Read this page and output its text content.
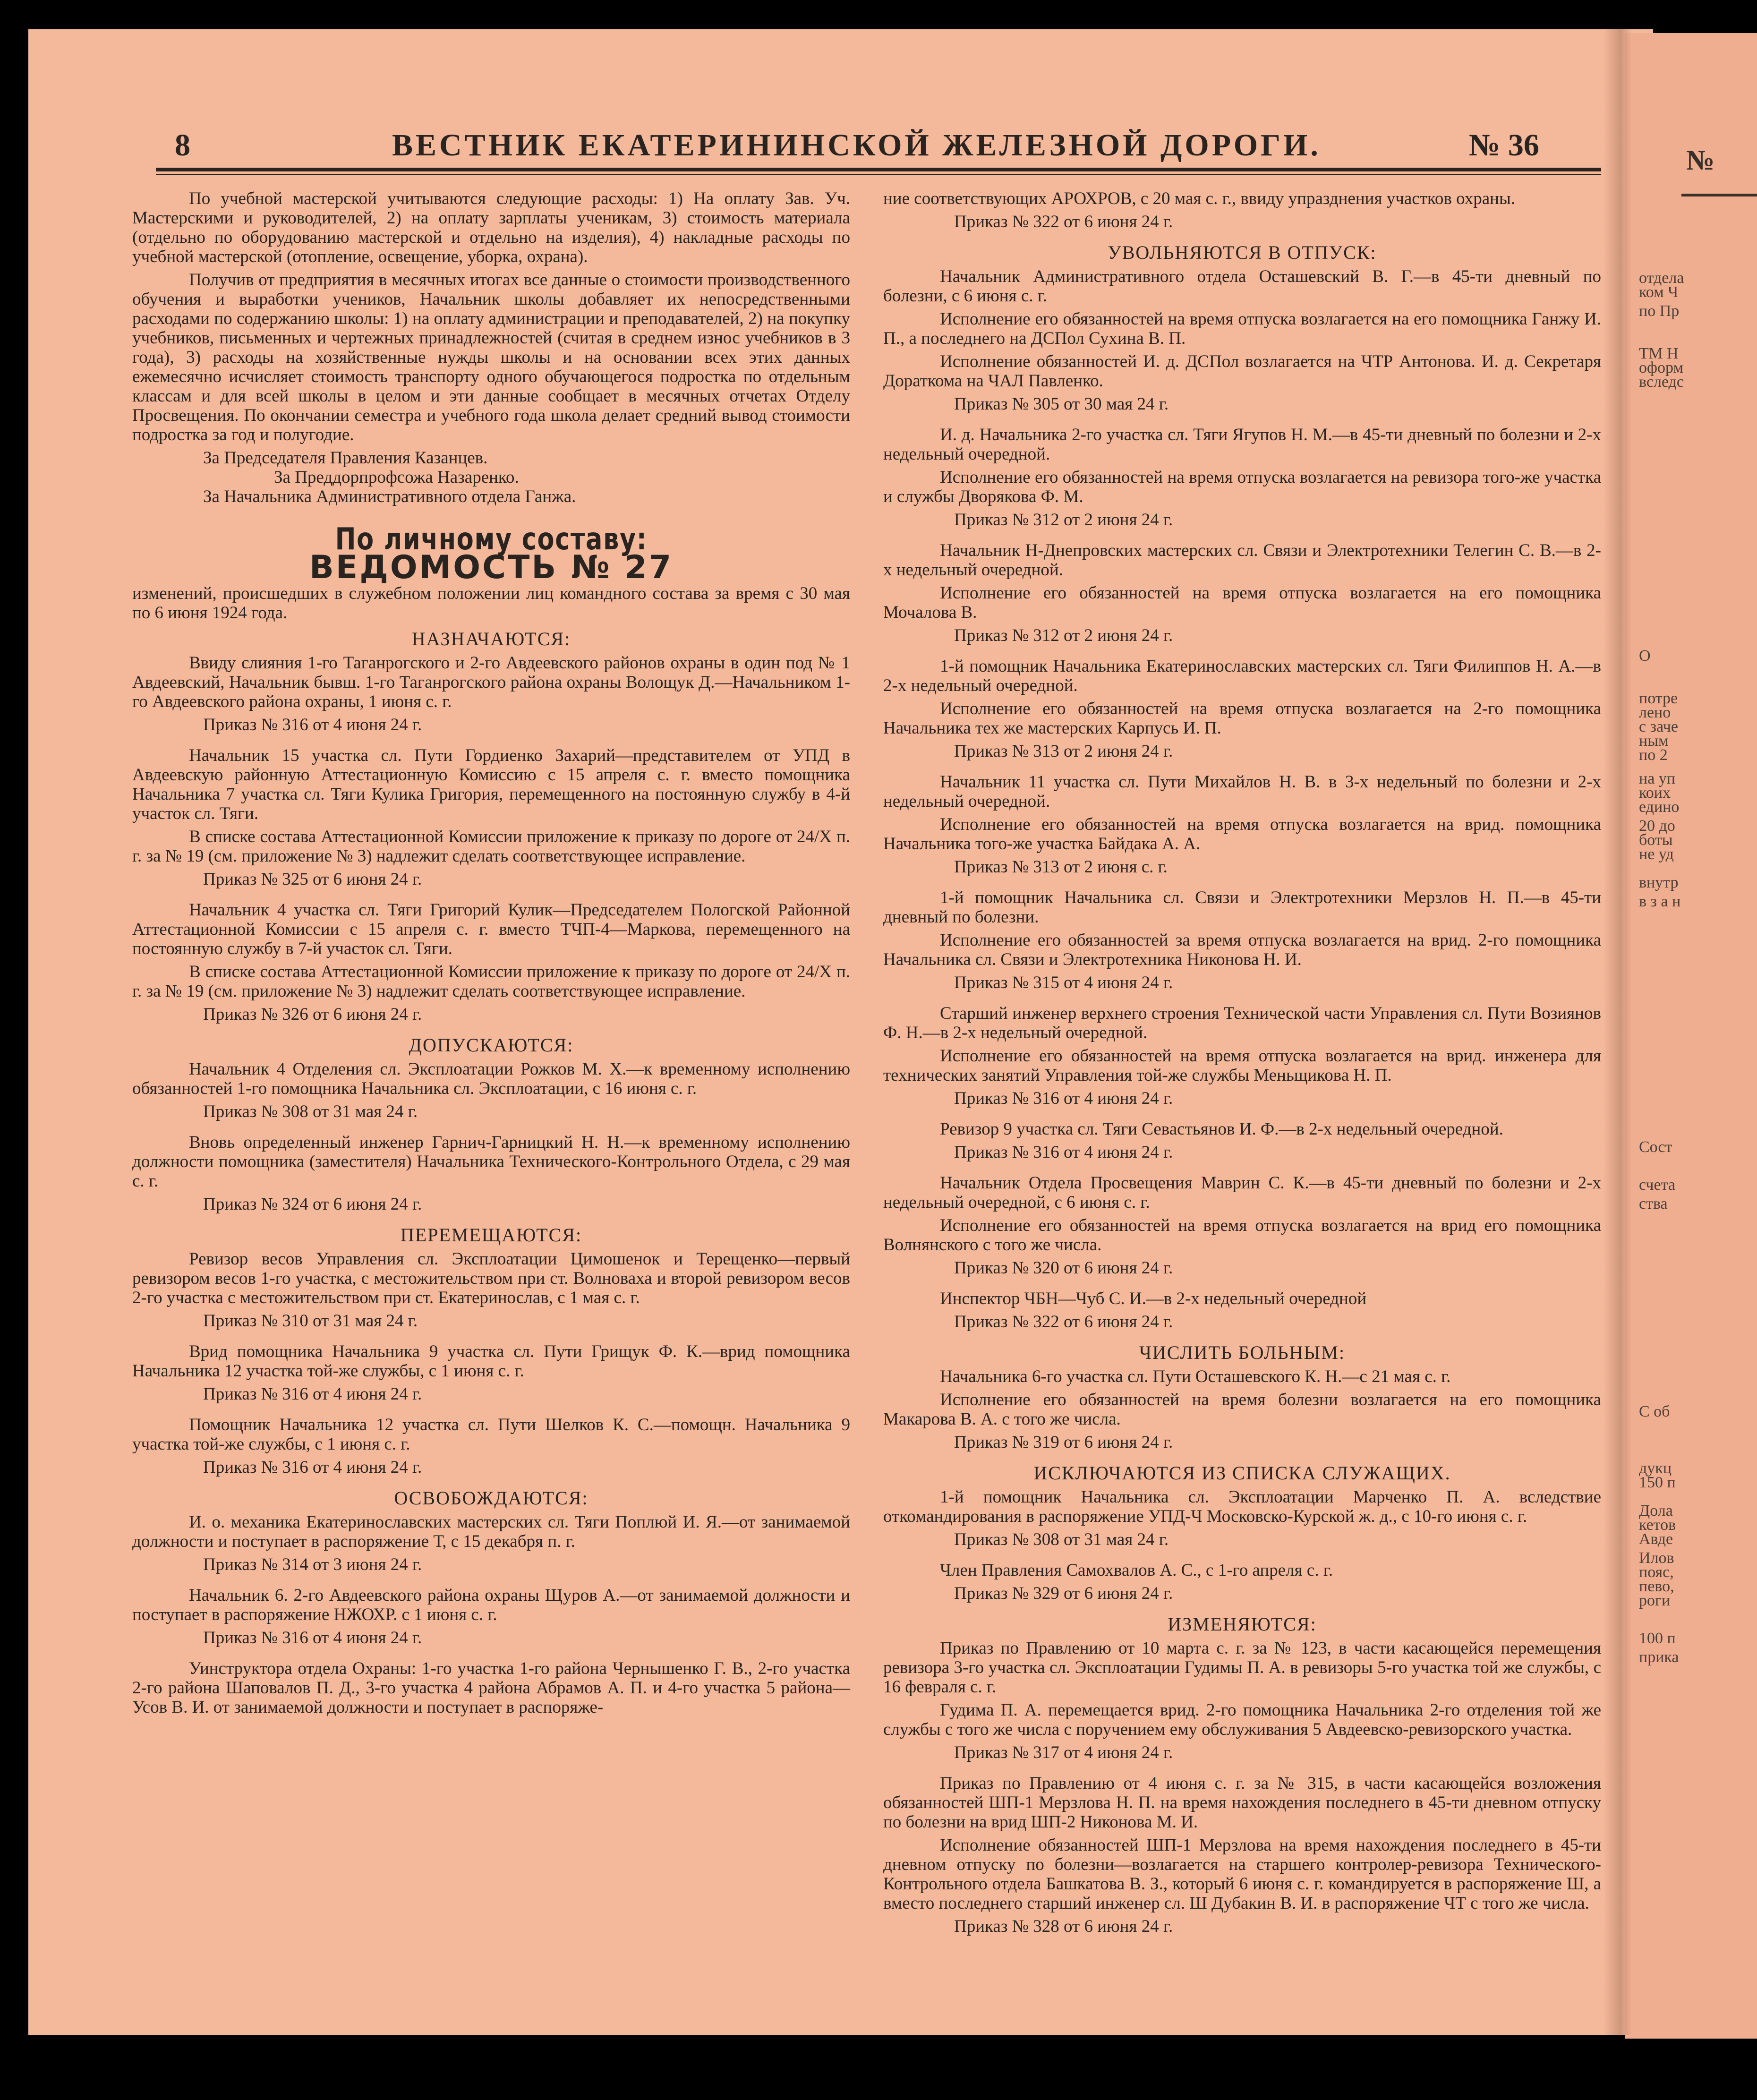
№
отдела
ком Ч
по Пр
ТМ Н
оформ
вследс
О
потре
лено
с заче
ным
по 2
на уп
коих
едино
20 до
боты
не уд
внутр
в з а н
Сост
счета
ства
С об
дукц
150 п
Дола
кетов
Авде
Илов
пояс,
пево,
роги
100 п
прика
8	ВЕСТНИК ЕКАТЕРИНИНСКОЙ ЖЕЛЕЗНОЙ ДОРОГИ.	№ 36

По учебной мастерской учитываются следующие расходы: 1) На оплату Зав. Уч. Мастерскими и руководителей, 2) на оплату зарплаты ученикам, 3) стоимость материала (отдельно по оборудованию мастерской и отдельно на изделия), 4) накладные расходы по учебной мастерской (отопление, освещение, уборка, охрана).

Получив от предприятия в месячных итогах все данные о стоимости производственного обучения и выработки учеников, Начальник школы добавляет их непосредственными расходами по содержанию школы: 1) на оплату администрации и преподавателей, 2) на покупку учебников, письменных и чертежных принадлежностей (считая в среднем износ учебников в 3 года), 3) расходы на хозяйственные нужды школы и на основании всех этих данных ежемесячно исчисляет стоимость транспорту одного обучающегося подростка по отдельным классам и для всей школы в целом и эти данные сообщает в месячных отчетах Отделу Просвещения. По окончании семестра и учебного года школа делает средний вывод стоимости подростка за год и полугодие.

За Председателя Правления Казанцев.

За Преддорпрофсожа Назаренко.

За Начальника Административного отдела Ганжа.

По личному составу:
ВЕДОМОСТЬ № 27

изменений, происшедших в служебном положении лиц командного состава за время с 30 мая по 6 июня 1924 года.

НАЗНАЧАЮТСЯ:

Ввиду слияния 1-го Таганрогского и 2-го Авдеевского районов охраны в один под № 1 Авдеевский, Начальник бывш. 1-го Таганрогского района охраны Волощук Д.—Начальником 1-го Авдеевского района охраны, 1 июня с. г.

Приказ № 316 от 4 июня 24 г.

Начальник 15 участка сл. Пути Гордиенко Захарий—представителем от УПД в Авдеевскую районную Аттестационную Комиссию с 15 апреля с. г. вместо помощника Начальника 7 участка сл. Тяги Кулика Григория, перемещенного на постоянную службу в 4-й участок сл. Тяги.

В списке состава Аттестационной Комиссии приложение к приказу по дороге от 24/X п. г. за № 19 (см. приложение № 3) надлежит сделать соответствующее исправление.

Приказ № 325 от 6 июня 24 г.

Начальник 4 участка сл. Тяги Григорий Кулик—Председателем Пологской Районной Аттестационной Комиссии с 15 апреля с. г. вместо ТЧП-4—Маркова, перемещенного на постоянную службу в 7-й участок сл. Тяги.

В списке состава Аттестационной Комиссии приложение к приказу по дороге от 24/X п. г. за № 19 (см. приложение № 3) надлежит сделать соответствующее исправление.

Приказ № 326 от 6 июня 24 г.

ДОПУСКАЮТСЯ:

Начальник 4 Отделения сл. Эксплоатации Рожков М. Х.—к временному исполнению обязанностей 1-го помощника Начальника сл. Эксплоатации, с 16 июня с. г.

Приказ № 308 от 31 мая 24 г.

Вновь определенный инженер Гарнич-Гарницкий Н. Н.—к временному исполнению должности помощника (заместителя) Начальника Технического-Контрольного Отдела, с 29 мая с. г.

Приказ № 324 от 6 июня 24 г.

ПЕРЕМЕЩАЮТСЯ:

Ревизор весов Управления сл. Эксплоатации Цимошенок и Терещенко—первый ревизором весов 1-го участка, с местожительством при ст. Волноваха и второй ревизором весов 2-го участка с местожительством при ст. Екатеринослав, с 1 мая с. г.

Приказ № 310 от 31 мая 24 г.

Врид помощника Начальника 9 участка сл. Пути Грищук Ф. К.—врид помощника Начальника 12 участка той-же службы, с 1 июня с. г.

Приказ № 316 от 4 июня 24 г.

Помощник Начальника 12 участка сл. Пути Шелков К. С.—помощн. Начальника 9 участка той-же службы, с 1 июня с. г.

Приказ № 316 от 4 июня 24 г.

ОСВОБОЖДАЮТСЯ:

И. о. механика Екатеринославских мастерских сл. Тяги Поплюй И. Я.—от занимаемой должности и поступает в распоряжение Т, с 15 декабря п. г.

Приказ № 314 от 3 июня 24 г.

Начальник 6. 2-го Авдеевского района охраны Щуров А.—от занимаемой должности и поступает в распоряжение НЖОХР. с 1 июня с. г.

Приказ № 316 от 4 июня 24 г.

Уинструктора отдела Охраны: 1-го участка 1-го района Чернышенко Г. В., 2-го участка 2-го района Шаповалов П. Д., 3-го участка 4 района Абрамов А. П. и 4-го участка 5 района—Усов В. И. от занимаемой должности и поступает в распоряже-

ние соответствующих АРОХРОВ, с 20 мая с. г., ввиду упразднения участков охраны.

Приказ № 322 от 6 июня 24 г.

УВОЛЬНЯЮТСЯ В ОТПУСК:

Начальник Административного отдела Осташевский В. Г.—в 45-ти дневный по болезни, с 6 июня с. г.

Исполнение его обязанностей на время отпуска возлагается на его помощника Ганжу И. П., а последнего на ДСПол Сухина В. П.

Исполнение обязанностей И. д. ДСПол возлагается на ЧТР Антонова. И. д. Секретаря Дораткома на ЧАЛ Павленко.

Приказ № 305 от 30 мая 24 г.

И. д. Начальника 2-го участка сл. Тяги Ягупов Н. М.—в 45-ти дневный по болезни и 2-х недельный очередной.

Исполнение его обязанностей на время отпуска возлагается на ревизора того-же участка и службы Дворякова Ф. М.

Приказ № 312 от 2 июня 24 г.

Начальник Н-Днепровских мастерских сл. Связи и Электротехники Телегин С. В.—в 2-х недельный очередной.

Исполнение его обязанностей на время отпуска возлагается на его помощника Мочалова В.

Приказ № 312 от 2 июня 24 г.

1-й помощник Начальника Екатеринославских мастерских сл. Тяги Филиппов Н. А.—в 2-х недельный очередной.

Исполнение его обязанностей на время отпуска возлагается на 2-го помощника Начальника тех же мастерских Карпусь И. П.

Приказ № 313 от 2 июня 24 г.

Начальник 11 участка сл. Пути Михайлов Н. В. в 3-х недельный по болезни и 2-х недельный очередной.

Исполнение его обязанностей на время отпуска возлагается на врид. помощника Начальника того-же участка Байдака А. А.

Приказ № 313 от 2 июня с. г.

1-й помощник Начальника сл. Связи и Электротехники Мерзлов Н. П.—в 45-ти дневный по болезни.

Исполнение его обязанностей за время отпуска возлагается на врид. 2-го помощника Начальника сл. Связи и Электротехника Никонова Н. И.

Приказ № 315 от 4 июня 24 г.

Старший инженер верхнего строения Технической части Управления сл. Пути Возиянов Ф. Н.—в 2-х недельный очередной.

Исполнение его обязанностей на время отпуска возлагается на врид. инженера для технических занятий Управления той-же службы Меньщикова Н. П.

Приказ № 316 от 4 июня 24 г.

Ревизор 9 участка сл. Тяги Севастьянов И. Ф.—в 2-х недельный очередной.

Приказ № 316 от 4 июня 24 г.

Начальник Отдела Просвещения Маврин С. К.—в 45-ти дневный по болезни и 2-х недельный очередной, с 6 июня с. г.

Исполнение его обязанностей на время отпуска возлагается на врид его помощника Волнянского с того же числа.

Приказ № 320 от 6 июня 24 г.

Инспектор ЧБН—Чуб С. И.—в 2-х недельный очередной

Приказ № 322 от 6 июня 24 г.

ЧИСЛИТЬ БОЛЬНЫМ:

Начальника 6-го участка сл. Пути Осташевского К. Н.—с 21 мая с. г.

Исполнение его обязанностей на время болезни возлагается на его помощника Макарова В. А. с того же числа.

Приказ № 319 от 6 июня 24 г.

ИСКЛЮЧАЮТСЯ ИЗ СПИСКА СЛУЖАЩИХ.

1-й помощник Начальника сл. Эксплоатации Марченко П. А. вследствие откомандирования в распоряжение УПД-Ч Московско-Курской ж. д., с 10-го июня с. г.

Приказ № 308 от 31 мая 24 г.

Член Правления Самохвалов А. С., с 1-го апреля с. г.

Приказ № 329 от 6 июня 24 г.

ИЗМЕНЯЮТСЯ:

Приказ по Правлению от 10 марта с. г. за № 123, в части касающейся перемещения ревизора 3-го участка сл. Эксплоатации Гудимы П. А. в ревизоры 5-го участка той же службы, с 16 февраля с. г.

Гудима П. А. перемещается врид. 2-го помощника Начальника 2-го отделения той же службы с того же числа с поручением ему обслуживания 5 Авдеевско-ревизорского участка.

Приказ № 317 от 4 июня 24 г.

Приказ по Правлению от 4 июня с. г. за № 315, в части касающейся возложения обязанностей ШП-1 Мерзлова Н. П. на время нахождения последнего в 45-ти дневном отпуску по болезни на врид ШП-2 Никонова М. И.

Исполнение обязанностей ШП-1 Мерзлова на время нахождения последнего в 45-ти дневном отпуску по болезни—возлагается на старшего контролер-ревизора Технического-Контрольного отдела Башкатова В. З., который 6 июня с. г. командируется в распоряжение Ш, а вместо последнего старший инженер сл. Ш Дубакин В. И. в распоряжение ЧТ с того же числа.

Приказ № 328 от 6 июня 24 г.
